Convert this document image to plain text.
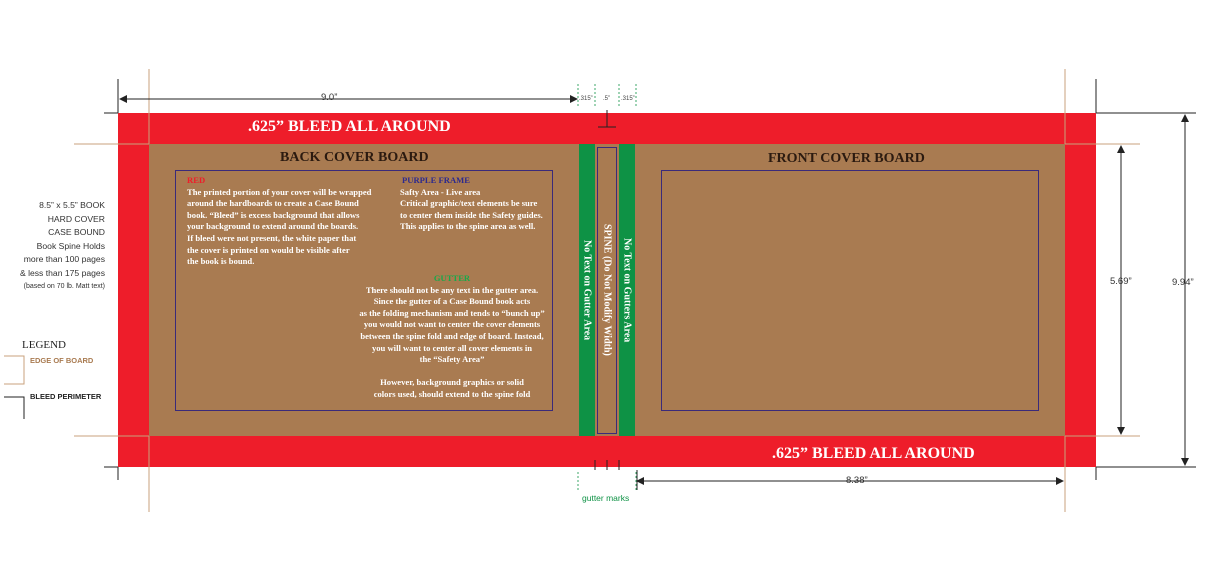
No Text on Gutter Area SPINE (Do Not Modify Width) No Text on Gutters Area
.625” BLEED ALL AROUND
.625” BLEED ALL AROUND
BACK COVER BOARD	FRONT COVER BOARD
RED
The printed portion of your cover will be wrapped
around the hardboards to create a Case Bound
book. “Bleed” is excess background that allows
your background to extend around the boards.
If bleed were not present, the white paper that
the cover is printed on would be visible after
the book is bound.
PURPLE FRAME
Safty Area - Live area
Critical graphic/text elements be sure
to center them inside the Safety guides.
This applies to the spine area as well.
GUTTER
There should not be any text in the gutter area.
Since the gutter of a Case Bound book acts
as the folding mechanism and tends to “bunch up”
you would not want to center the cover elements
between the spine fold and edge of board. Instead,
you will want to center all cover elements in
the “Safety Area”
However, background graphics or solid
colors used, should extend to the spine fold
8.5” x 5.5” BOOK
HARD COVER
CASE BOUND
Book Spine Holds
more than 100 pages
& less than 175 pages
(based on 70 lb. Matt text)
LEGEND
EDGE OF BOARD
BLEED PERIMETER
9.0”	.315” .5” .315”
5.69”	9.94”
8.38”
gutter marks
